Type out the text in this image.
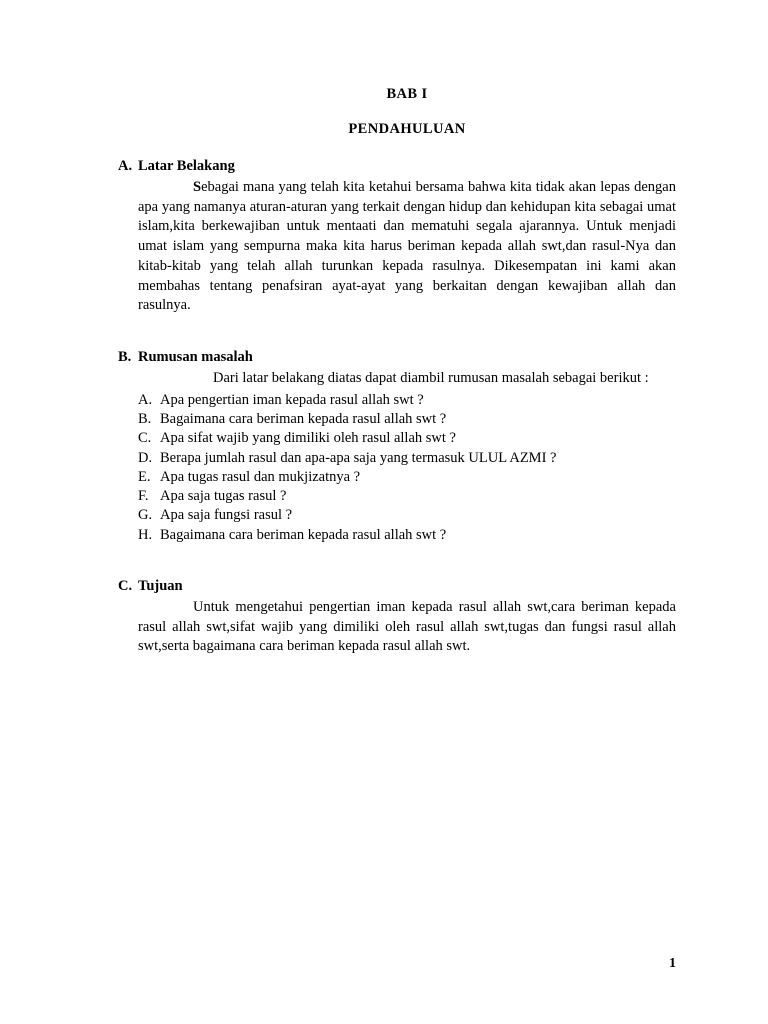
BAB I
PENDAHULUAN
A. Latar Belakang

Sebagai mana yang telah kita ketahui bersama bahwa kita tidak akan lepas dengan apa yang namanya aturan-aturan yang terkait dengan hidup dan kehidupan kita sebagai umat islam,kita berkewajiban untuk mentaati dan mematuhi segala ajarannya. Untuk menjadi umat islam yang sempurna maka kita harus beriman kepada allah swt,dan rasul-Nya dan kitab-kitab yang telah allah turunkan kepada rasulnya. Dikesempatan ini kami akan membahas tentang penafsiran ayat-ayat yang berkaitan dengan kewajiban allah dan rasulnya.

B. Rumusan masalah

Dari latar belakang diatas dapat diambil rumusan masalah sebagai berikut :

A. Apa pengertian iman kepada rasul allah swt ?
B. Bagaimana cara beriman kepada rasul allah swt ?
C. Apa sifat wajib yang dimiliki oleh rasul allah swt ?
D. Berapa jumlah rasul dan apa-apa saja yang termasuk ULUL AZMI ?
E. Apa tugas rasul dan mukjizatnya ?
F. Apa saja tugas rasul ?
G. Apa saja fungsi rasul ?
H. Bagaimana cara beriman kepada rasul allah swt ?
C. Tujuan

Untuk mengetahui pengertian iman kepada rasul allah swt,cara beriman kepada rasul allah swt,sifat wajib yang dimiliki oleh rasul allah swt,tugas dan fungsi rasul allah swt,serta bagaimana cara beriman kepada rasul allah swt.

1
